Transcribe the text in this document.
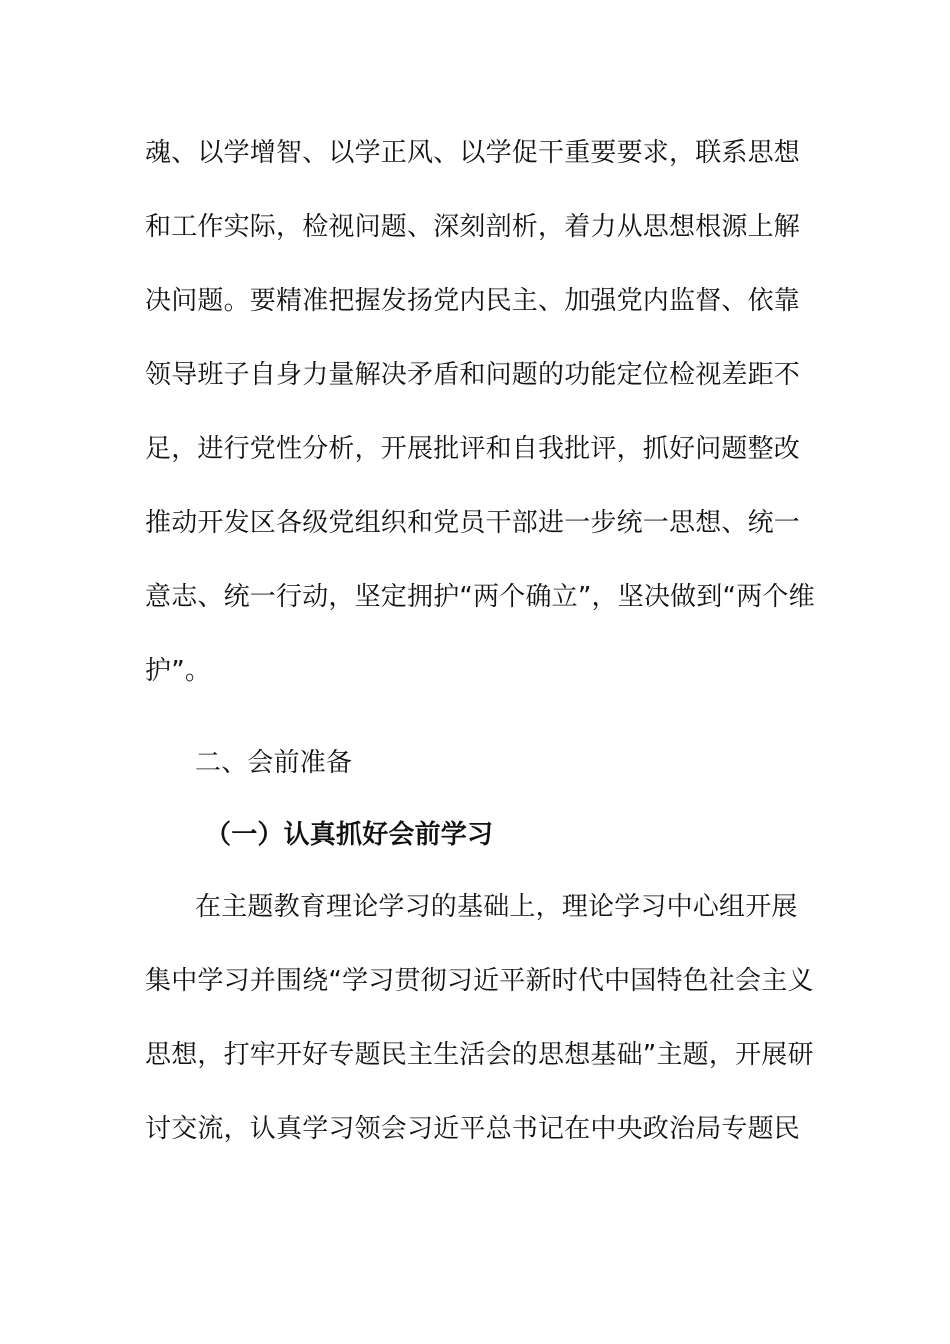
魂、以学增智、以学正风、以学促干重要要求，联系思想
和工作实际，检视问题、深刻剖析，着力从思想根源上解
决问题。要精准把握发扬党内民主、加强党内监督、依靠
领导班子自身力量解决矛盾和问题的功能定位检视差距不
足，进行党性分析，开展批评和自我批评，抓好问题整改
推动开发区各级党组织和党员干部进一步统一思想、统一
意志、统一行动，坚定拥护“两个确立”，坚决做到“两个维
护”。
二、会前准备
（一）认真抓好会前学习
在主题教育理论学习的基础上，理论学习中心组开展
集中学习并围绕“学习贯彻习近平新时代中国特色社会主义
思想，打牢开好专题民主生活会的思想基础”主题，开展研
讨交流，认真学习领会习近平总书记在中央政治局专题民
